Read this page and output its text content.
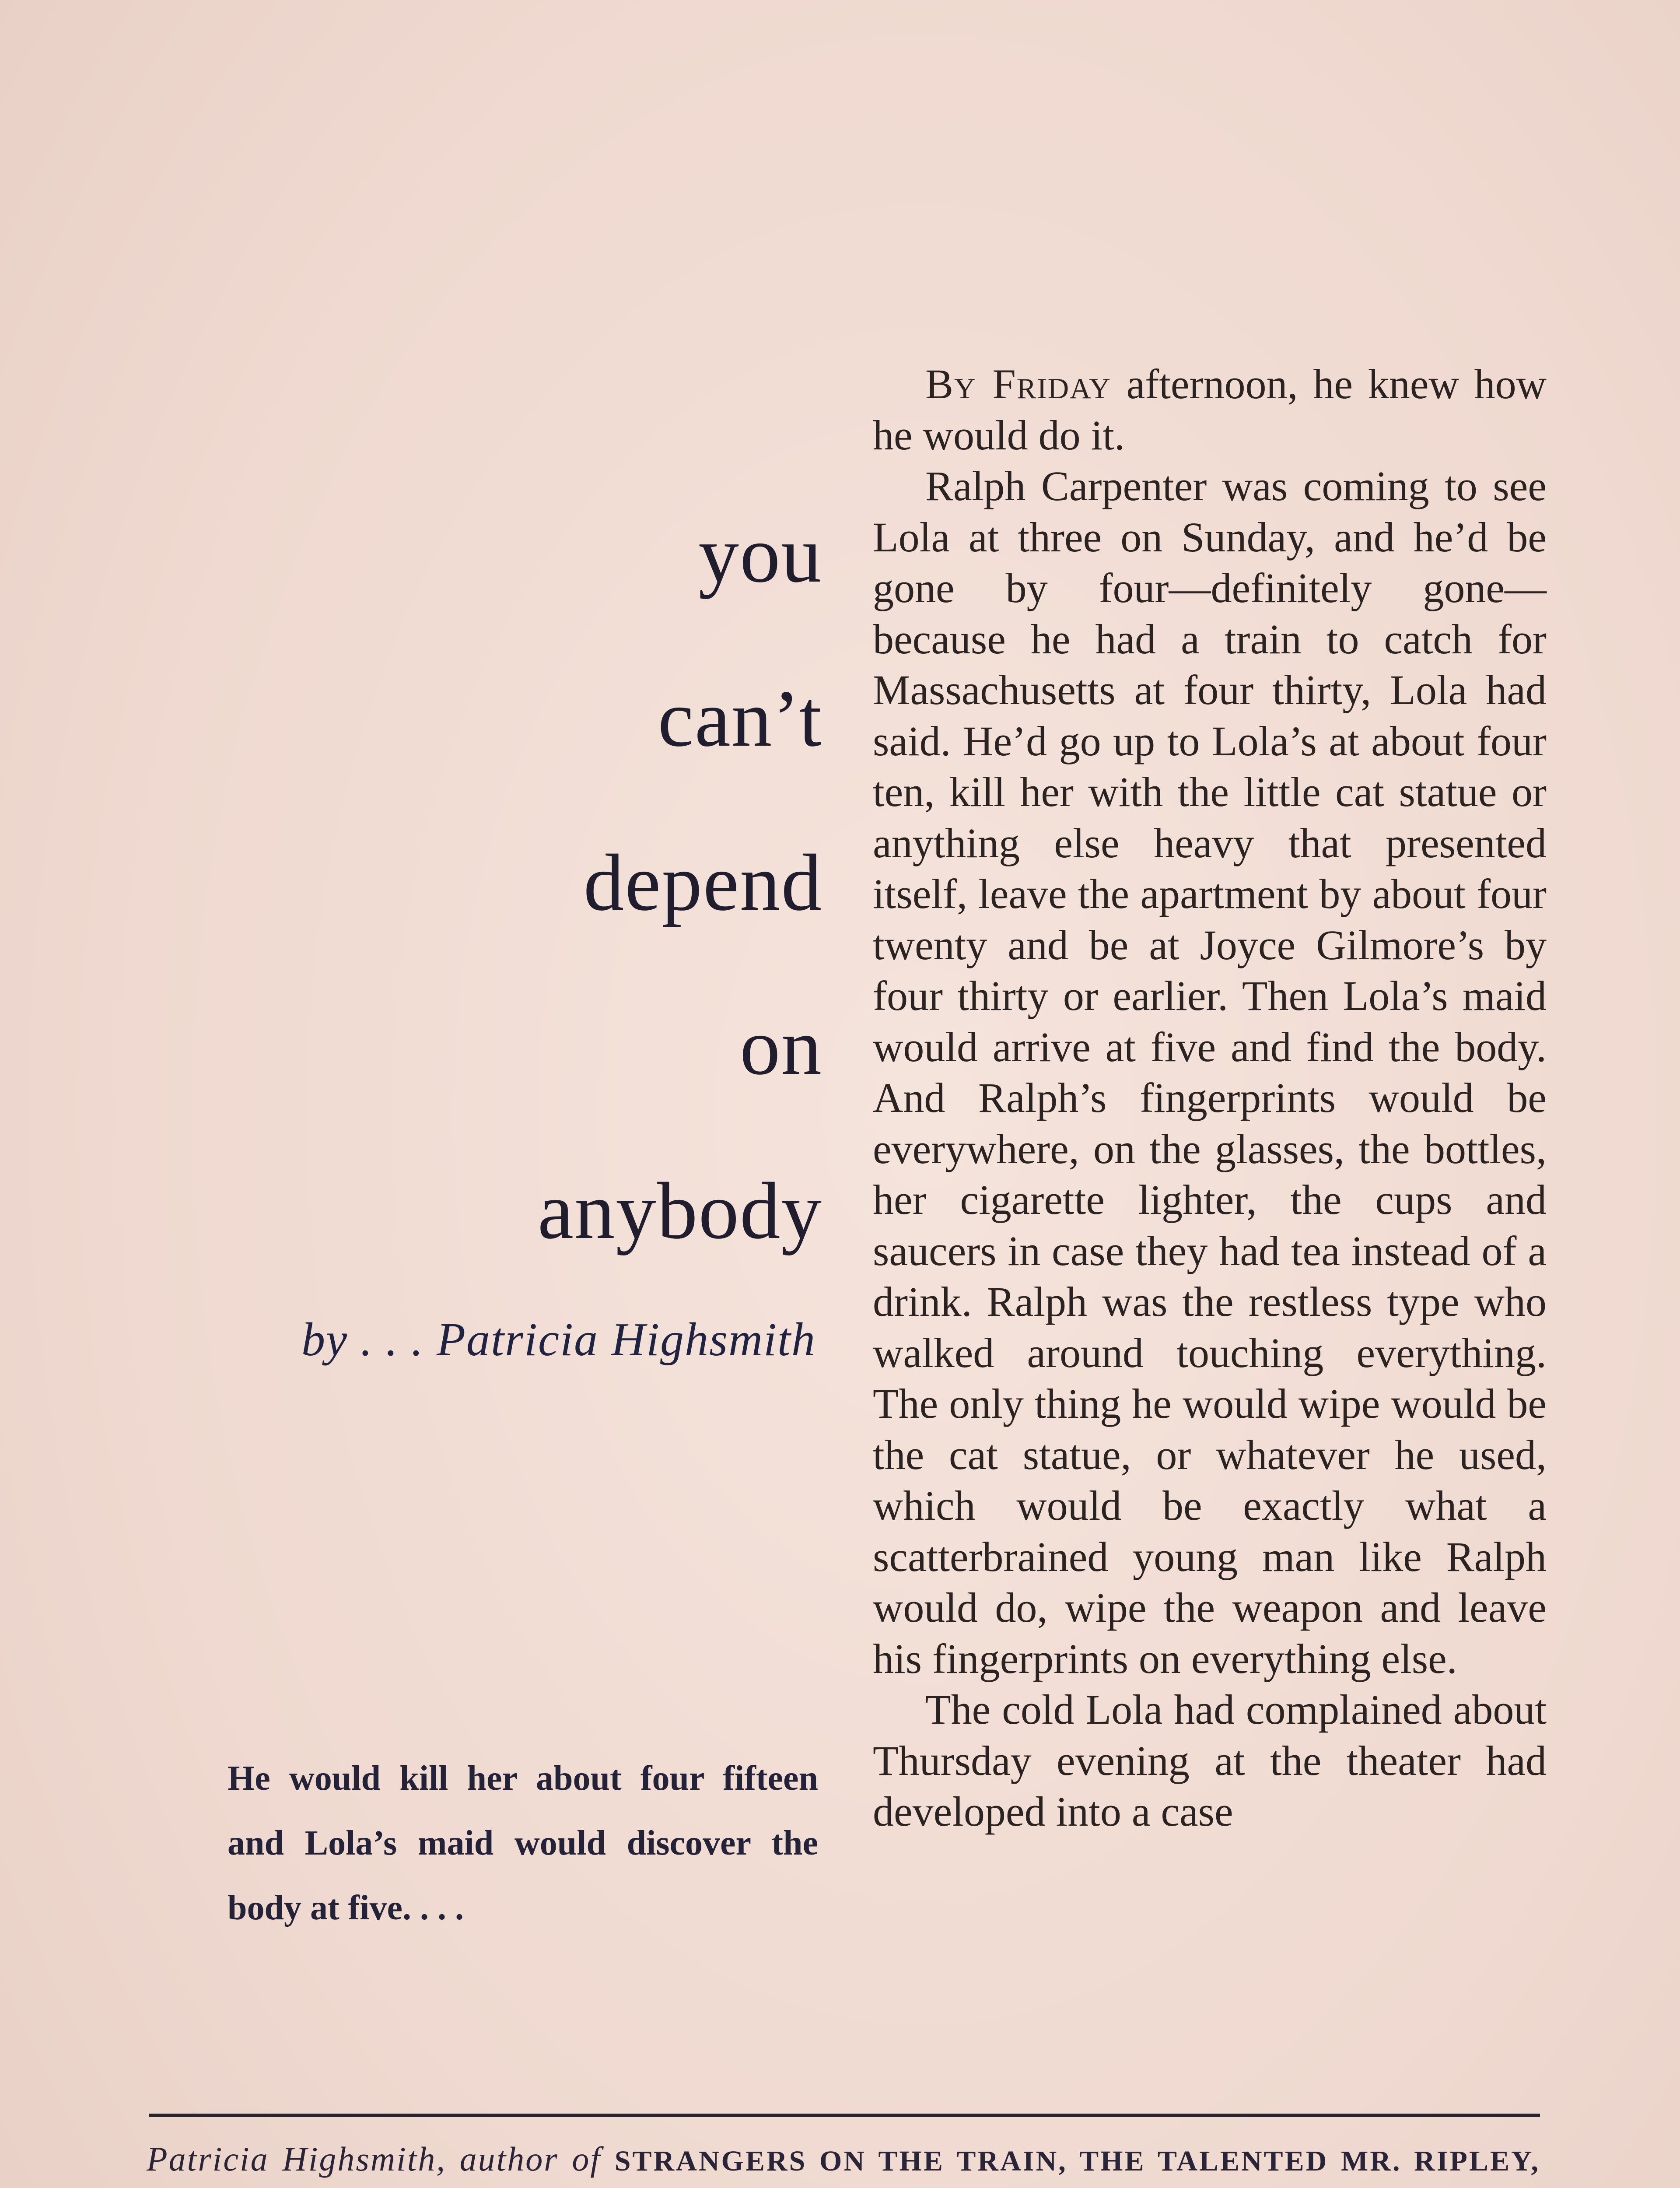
you
can’t
depend
on
anybody
by . . . Patricia Highsmith
He would kill her about four fifteen and Lola’s maid would discover the body at five. . . .

By Friday afternoon, he knew how he would do it.

Ralph Carpenter was coming to see Lola at three on Sunday, and he’d be gone by four—definitely gone—because he had a train to catch for Massachusetts at four thirty, Lola had said. He’d go up to Lola’s at about four ten, kill her with the little cat statue or anything else heavy that presented itself, leave the apartment by about four twenty and be at Joyce Gilmore’s by four thirty or earlier. Then Lola’s maid would arrive at five and find the body. And Ralph’s fingerprints would be everywhere, on the glasses, the bottles, her cigarette lighter, the cups and saucers in case they had tea instead of a drink. Ralph was the restless type who walked around touching everything. The only thing he would wipe would be the cat statue, or whatever he used, which would be exactly what a scatterbrained young man like Ralph would do, wipe the weapon and leave his fingerprints on everything else.

The cold Lola had complained about Thursday evening at the theater had developed into a case

Patricia Highsmith, author of STRANGERS ON THE TRAIN, THE TALENTED MR. RIPLEY,
